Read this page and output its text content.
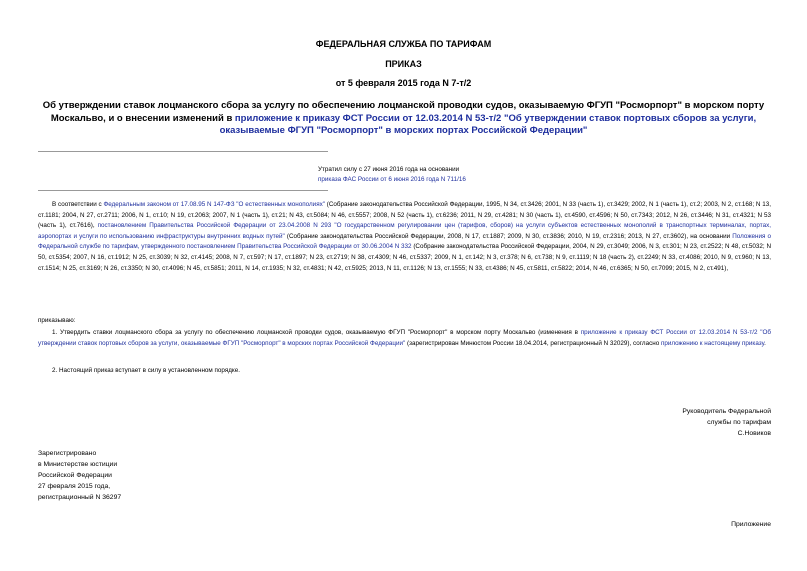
ФЕДЕРАЛЬНАЯ СЛУЖБА ПО ТАРИФАМ
ПРИКАЗ
от 5 февраля 2015 года N 7-т/2
Об утверждении ставок лоцманского сбора за услугу по обеспечению лоцманской проводки судов, оказываемую ФГУП "Росморпорт" в морском порту Москальво, и о внесении изменений в приложение к приказу ФСТ России от 12.03.2014 N 53-т/2 "Об утверждении ставок портовых сборов за услуги, оказываемые ФГУП "Росморпорт" в морских портах Российской Федерации"
Утратил силу с 27 июня 2016 года на основании
приказа ФАС России от 6 июня 2016 года N 711/16
В соответствии с Федеральным законом от 17.08.95 N 147-ФЗ "О естественных монополиях" (Собрание законодательства Российской Федерации, 1995, N 34, ст.3426; 2001, N 33 (часть 1), ст.3429; 2002, N 1 (часть 1), ст.2; 2003, N 2, ст.168; N 13, ст.1181; 2004, N 27, ст.2711; 2006, N 1, ст.10; N 19, ст.2063; 2007, N 1 (часть 1), ст.21; N 43, ст.5084; N 46, ст.5557; 2008, N 52 (часть 1), ст.6236; 2011, N 29, ст.4281; N 30 (часть 1), ст.4590, ст.4596; N 50, ст.7343; 2012, N 26, ст.3446; N 31, ст.4321; N 53 (часть 1), ст.7616), постановлением Правительства Российской Федерации от 23.04.2008 N 293 "О государственном регулировании цен (тарифов, сборов) на услуги субъектов естественных монополий в транспортных терминалах, портах, аэропортах и услуги по использованию инфраструктуры внутренних водных путей" (Собрание законодательства Российской Федерации, 2008, N 17, ст.1887; 2009, N 30, ст.3836; 2010, N 19, ст.2316; 2013, N 27, ст.3602), на основании Положения о Федеральной службе по тарифам, утвержденного постановлением Правительства Российской Федерации от 30.06.2004 N 332 (Собрание законодательства Российской Федерации, 2004, N 29, ст.3049; 2006, N 3, ст.301; N 23, ст.2522; N 48, ст.5032; N 50, ст.5354; 2007, N 16, ст.1912; N 25, ст.3039; N 32, ст.4145; 2008, N 7, ст.597; N 17, ст.1897; N 23, ст.2719; N 38, ст.4309; N 46, ст.5337; 2009, N 1, ст.142; N 3, ст.378; N 6, ст.738; N 9, ст.1119; N 18 (часть 2), ст.2249; N 33, ст.4086; 2010, N 9, ст.960; N 13, ст.1514; N 25, ст.3169; N 26, ст.3350; N 30, ст.4096; N 45, ст.5851; 2011, N 14, ст.1935; N 32, ст.4831; N 42, ст.5925; 2013, N 11, ст.1126; N 13, ст.1555; N 33, ст.4386; N 45, ст.5811, ст.5822; 2014, N 46, ст.6365; N 50, ст.7099; 2015, N 2, ст.491),
приказываю:
1. Утвердить ставки лоцманского сбора за услугу по обеспечению лоцманской проводки судов, оказываемую ФГУП "Росморпорт" в морском порту Москальво (изменения в приложение к приказу ФСТ России от 12.03.2014 N 53-т/2 "Об утверждении ставок портовых сборов за услуги, оказываемые ФГУП "Росморпорт" в морских портах Российской Федерации" (зарегистрирован Минюстом России 18.04.2014, регистрационный N 32029), согласно приложению к настоящему приказу.
2. Настоящий приказ вступает в силу в установленном порядке.
Руководитель Федеральной
службы по тарифам
С.Новиков
Зарегистрировано
в Министерстве юстиции
Российской Федерации
27 февраля 2015 года,
регистрационный N 36297
Приложение
